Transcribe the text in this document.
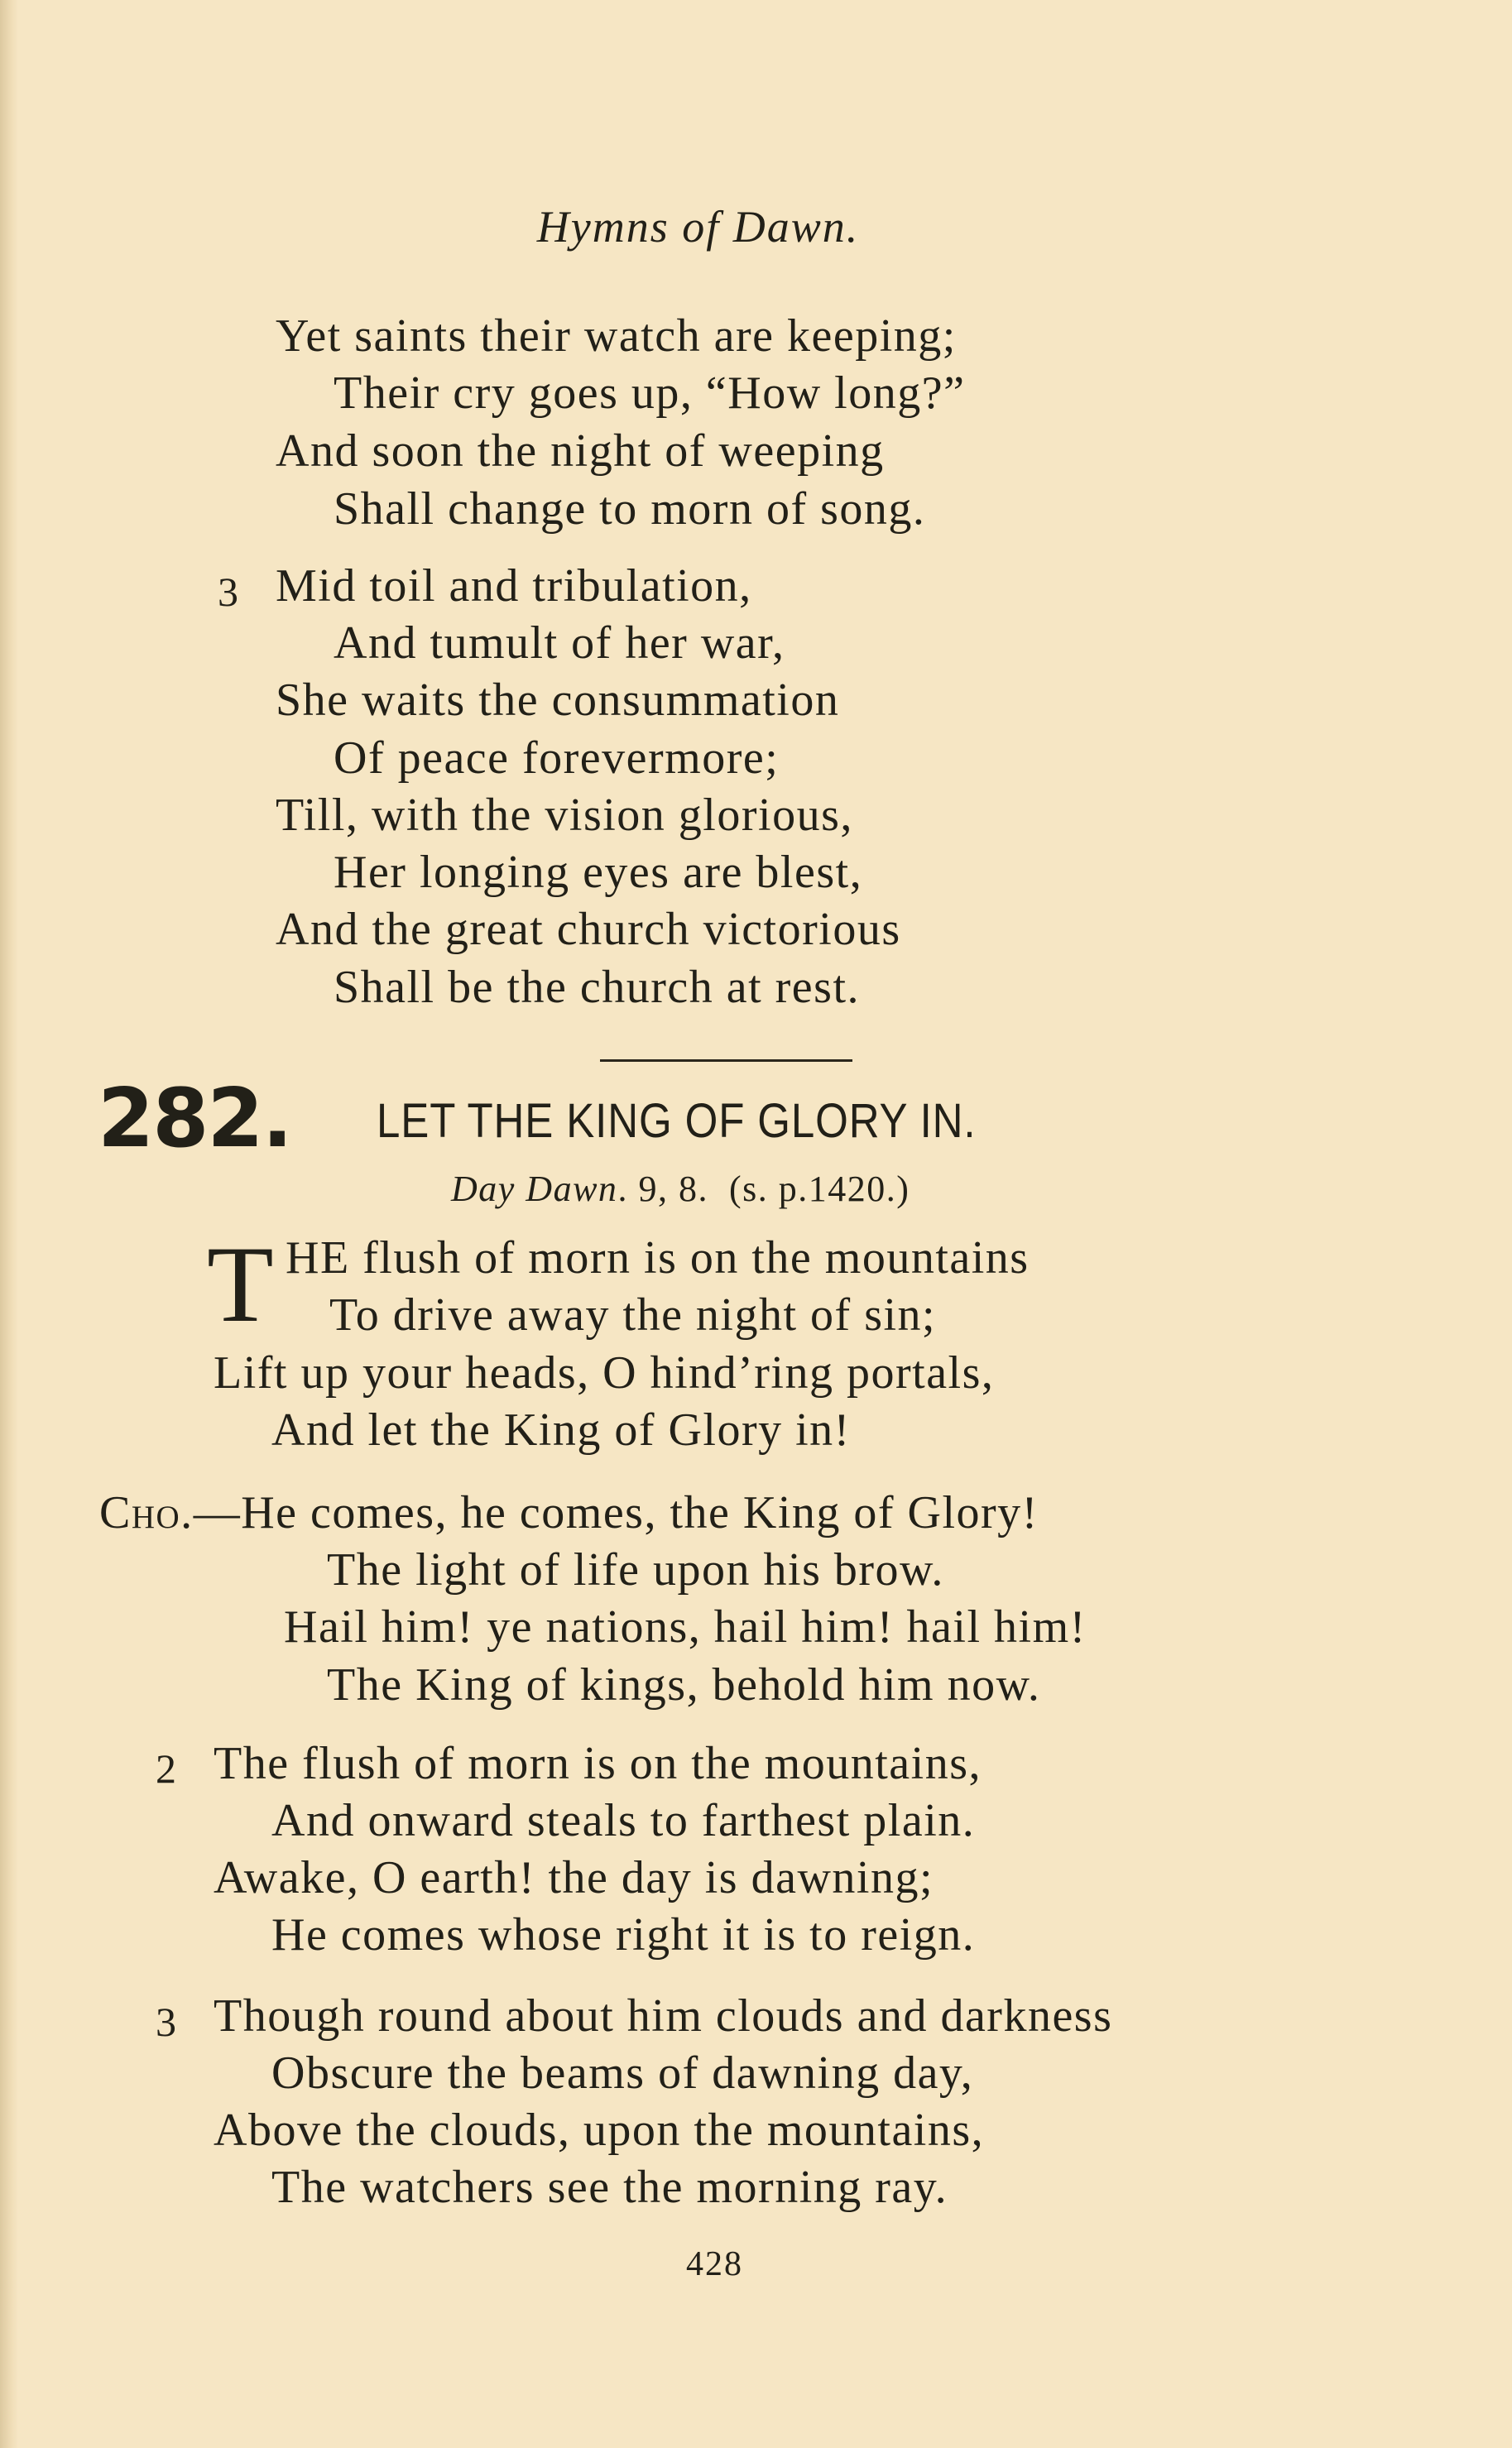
Hymns of Dawn.
Yet saints their watch are keeping;
Their cry goes up, “How long?”
And soon the night of weeping
Shall change to morn of song.
3 Mid toil and tribulation,
And tumult of her war,
She waits the consummation
Of peace forevermore;
Till, with the vision glorious,
Her longing eyes are blest,
And the great church victorious
Shall be the church at rest.
282. LET THE KING OF GLORY IN.
Day Dawn. 9, 8. (s. p.1420.)
T HE flush of morn is on the mountains
To drive away the night of sin;
Lift up your heads, O hind’ring portals,
And let the King of Glory in!
Cho.—He comes, he comes, the King of Glory!
The light of life upon his brow.
Hail him! ye nations, hail him! hail him!
The King of kings, behold him now.
2 The flush of morn is on the mountains,
And onward steals to farthest plain.
Awake, O earth! the day is dawning;
He comes whose right it is to reign.
3 Though round about him clouds and darkness
Obscure the beams of dawning day,
Above the clouds, upon the mountains,
The watchers see the morning ray.
428
